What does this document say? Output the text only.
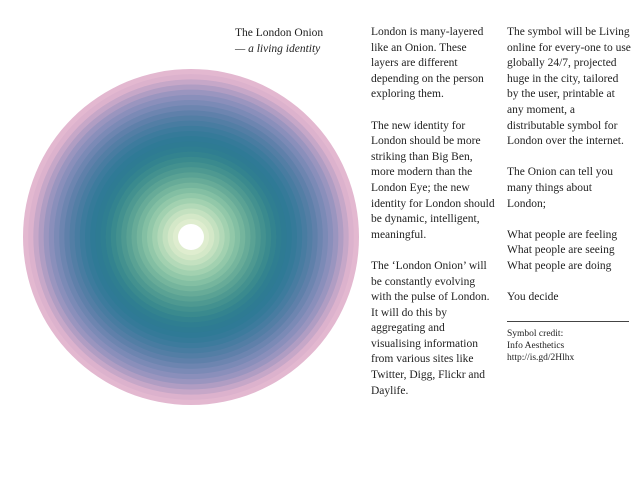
The London Onion
— a living identity

London is many-layered like an Onion. These layers are different depending on the person exploring them.

The new identity for London should be more striking than Big Ben, more modern than the London Eye; the new identity for London should be dynamic, intelligent, meaningful.

The ‘London Onion’ will be constantly evolving with the pulse of London. It will do this by aggregating and visualising information from various sites like Twitter, Digg, Flickr and Daylife.

The symbol will be Living online for every-one to use globally 24/7, projected huge in the city, tailored by the user, printable at any moment, a distributable symbol for London over the internet.

The Onion can tell you many things about London;

What people are feeling

What people are seeing

What people are doing

You decide

Symbol credit:
Info Aesthetics
http://is.gd/2Hlhx
